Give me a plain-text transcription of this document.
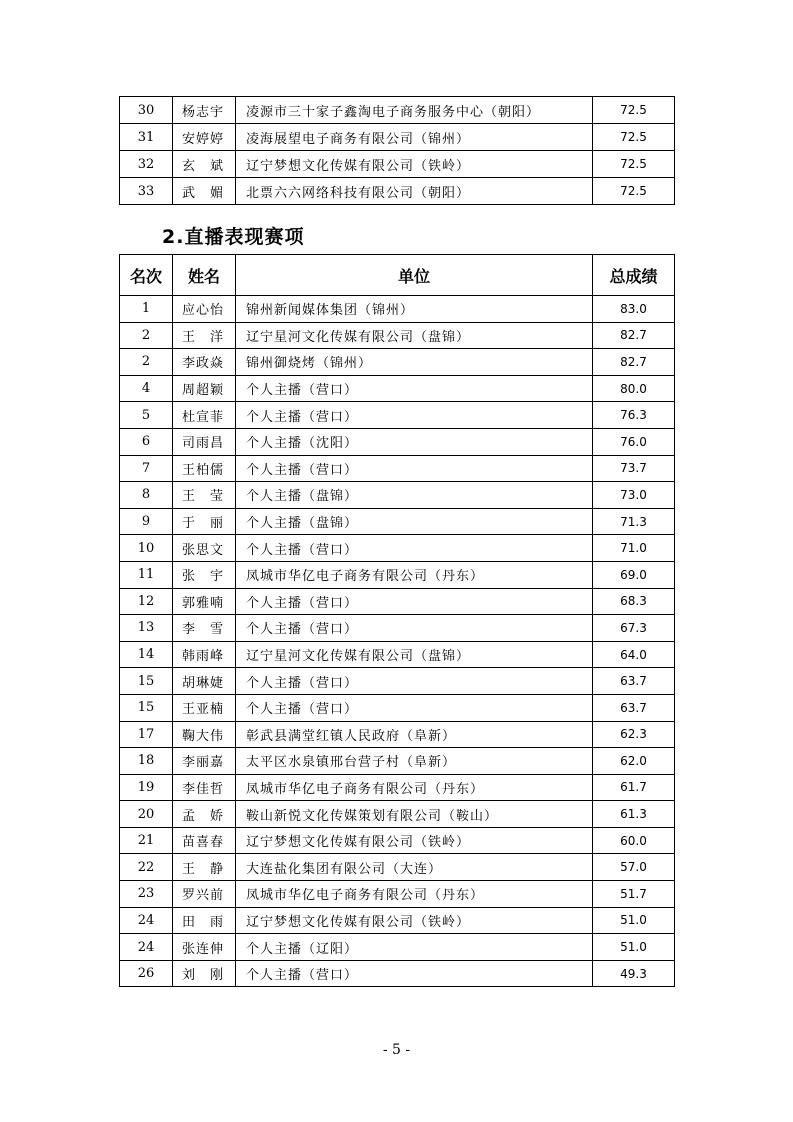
30	杨志宇	凌源市三十家子鑫淘电子商务服务中心（朝阳）	72.5
31	安婷婷	凌海展望电子商务有限公司（锦州）	72.5
32	玄　斌	辽宁梦想文化传媒有限公司（铁岭）	72.5
33	武　媚	北票六六网络科技有限公司（朝阳）	72.5
2.直播表现赛项
名次	姓名	单位	总成绩
1	应心怡	锦州新闻媒体集团（锦州）	83.0
2	王　洋	辽宁星河文化传媒有限公司（盘锦）	82.7
2	李政焱	锦州御烧烤（锦州）	82.7
4	周超颖	个人主播（营口）	80.0
5	杜宣菲	个人主播（营口）	76.3
6	司雨昌	个人主播（沈阳）	76.0
7	王柏儒	个人主播（营口）	73.7
8	王　莹	个人主播（盘锦）	73.0
9	于　丽	个人主播（盘锦）	71.3
10	张思文	个人主播（营口）	71.0
11	张　宇	凤城市华亿电子商务有限公司（丹东）	69.0
12	郭雅喃	个人主播（营口）	68.3
13	李　雪	个人主播（营口）	67.3
14	韩雨峰	辽宁星河文化传媒有限公司（盘锦）	64.0
15	胡琳婕	个人主播（营口）	63.7
15	王亚楠	个人主播（营口）	63.7
17	鞠大伟	彰武县满堂红镇人民政府（阜新）	62.3
18	李丽嘉	太平区水泉镇邢台营子村（阜新）	62.0
19	李佳哲	凤城市华亿电子商务有限公司（丹东）	61.7
20	孟　娇	鞍山新悦文化传媒策划有限公司（鞍山）	61.3
21	苗喜春	辽宁梦想文化传媒有限公司（铁岭）	60.0
22	王　静	大连盐化集团有限公司（大连）	57.0
23	罗兴前	凤城市华亿电子商务有限公司（丹东）	51.7
24	田　雨	辽宁梦想文化传媒有限公司（铁岭）	51.0
24	张连伸	个人主播（辽阳）	51.0
26	刘　刚	个人主播（营口）	49.3
- 5 -
